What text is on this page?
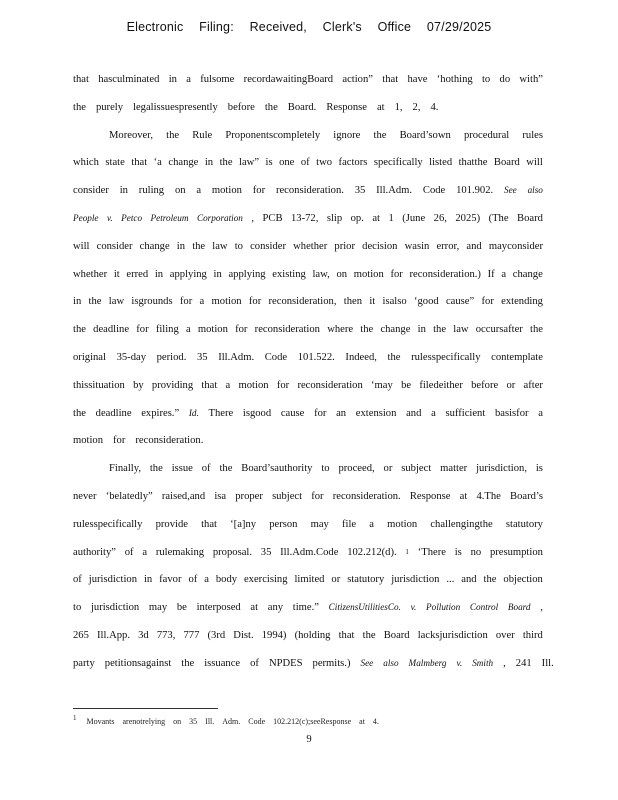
Electronic Filing: Received, Clerk's Office 07/29/2025
that hasculminated in a fulsome recordawaitingBoard action” that have ‘hothing to do with”
the purely legalissuespresently before the Board. Response at 1, 2, 4.
Moreover, the Rule Proponentscompletely ignore the Board’sown procedural rules
which state that ‘a change in the law” is one of two factors specifically listed thatthe Board will
consider in ruling on a motion for reconsideration. 35 Ill.Adm. Code 101.902. See also
People v. Petco Petroleum Corporation , PCB 13-72, slip op. at 1 (June 26, 2025) (The Board
will consider change in the law to consider whether prior decision wasin error, and mayconsider
whether it erred in applying in applying existing law, on motion for reconsideration.) If a change
in the law isgrounds for a motion for reconsideration, then it isalso ‘good cause” for extending
the deadline for filing a motion for reconsideration where the change in the law occursafter the
original 35-day period. 35 Ill.Adm. Code 101.522. Indeed, the rulesspecifically contemplate
thissituation by providing that a motion for reconsideration ‘may be filedeither before or after
the deadline expires.” Id. There isgood cause for an extension and a sufficient basisfor a
motion for reconsideration.
Finally, the issue of the Board’sauthority to proceed, or subject matter jurisdiction, is
never ‘belatedly” raised,and isa proper subject for reconsideration. Response at 4.The Board’s
rulesspecifically provide that ‘[a]ny person may file a motion challengingthe statutory
authority” of a rulemaking proposal. 35 Ill.Adm.Code 102.212(d). 1 ‘There is no presumption
of jurisdiction in favor of a body exercising limited or statutory jurisdiction ... and the objection
to jurisdiction may be interposed at any time.” CitizensUtilitiesCo. v. Pollution Control Board ,
265 Ill.App. 3d 773, 777 (3rd Dist. 1994) (holding that the Board lacksjurisdiction over third
party petitionsagainst the issuance of NPDES permits.) See also Malmberg v. Smith , 241 Ill.
1 Movants arenotrelying on 35 Ill. Adm. Code 102.212(c);seeResponse at 4.
9
